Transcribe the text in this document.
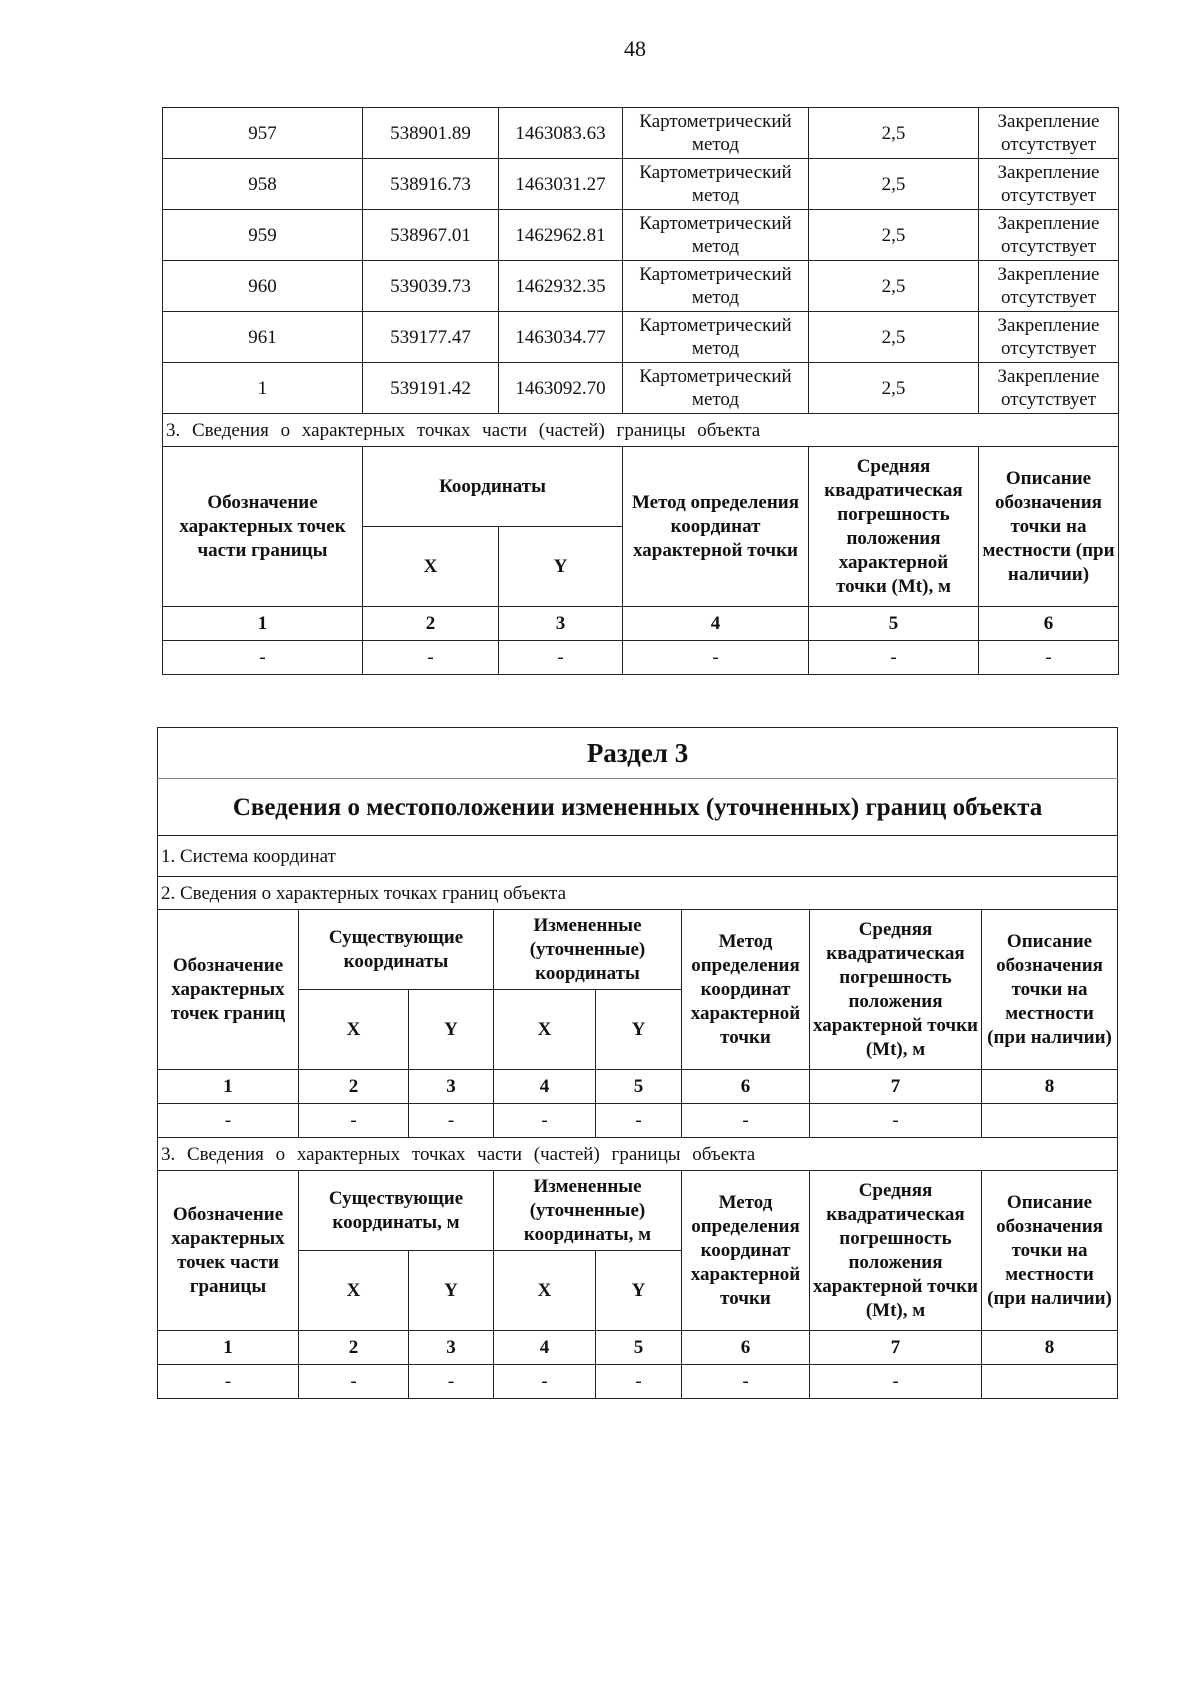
48
957	538901.89	1463083.63	Картометрический метод	2,5	Закрепление отсутствует
958	538916.73	1463031.27	Картометрический метод	2,5	Закрепление отсутствует
959	538967.01	1462962.81	Картометрический метод	2,5	Закрепление отсутствует
960	539039.73	1462932.35	Картометрический метод	2,5	Закрепление отсутствует
961	539177.47	1463034.77	Картометрический метод	2,5	Закрепление отсутствует
1	539191.42	1463092.70	Картометрический метод	2,5	Закрепление отсутствует
3. Сведения о характерных точках части (частей) границы объекта					
Обозначение характерных точек части границы	Координаты		Метод определения координат характерной точки	Средняя квадратическая погрешность положения характерной точки (Mt), м	Описание обозначения точки на местности (при наличии)
	X	Y			
1	2	3	4	5	6
-	-	-	-	-	-
Раздел 3							
Сведения о местоположении измененных (уточненных) границ объекта							
1. Система координат							
2. Сведения о характерных точках границ объекта							
Обозначение характерных точек границ	Существующие координаты		Измененные (уточненные) координаты		Метод определения координат характерной точки	Средняя квадратическая погрешность положения характерной точки (Mt), м	Описание обозначения точки на местности (при наличии)
	X	Y	X	Y			
1	2	3	4	5	6	7	8
-	-	-	-	-	-	-	
3. Сведения о характерных точках части (частей) границы объекта							
Обозначение характерных точек части границы	Существующие координаты, м		Измененные (уточненные) координаты, м		Метод определения координат характерной точки	Средняя квадратическая погрешность положения характерной точки (Mt), м	Описание обозначения точки на местности (при наличии)
	X	Y	X	Y			
1	2	3	4	5	6	7	8
-	-	-	-	-	-	-	
